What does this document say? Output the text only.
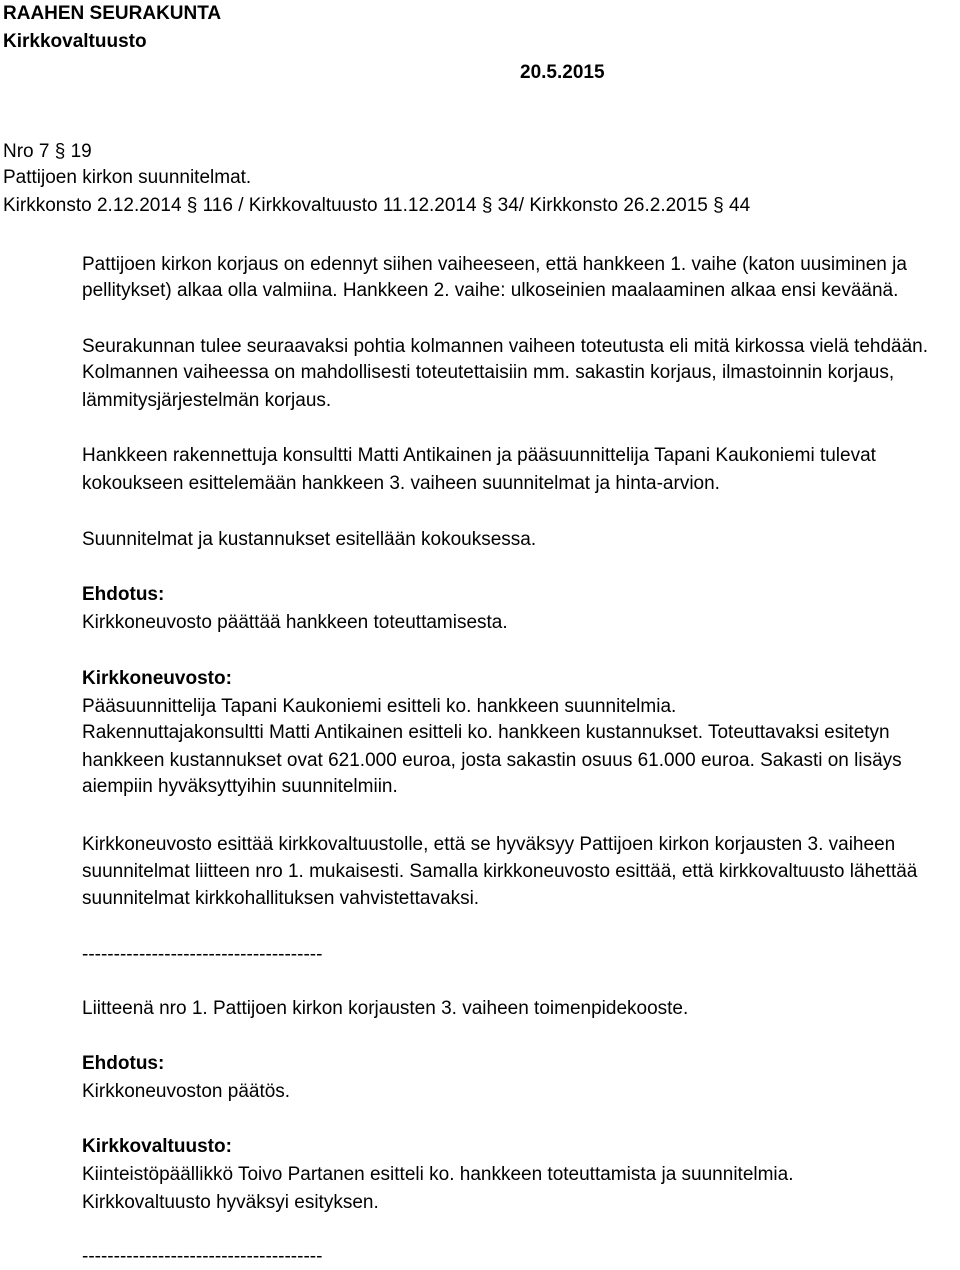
RAAHEN SEURAKUNTA
Kirkkovaltuusto
20.5.2015
Nro 7 § 19
Pattijoen kirkon suunnitelmat.
Kirkkonsto 2.12.2014 § 116 / Kirkkovaltuusto 11.12.2014 § 34/ Kirkkonsto 26.2.2015 § 44
Pattijoen kirkon korjaus on edennyt siihen vaiheeseen, että hankkeen 1. vaihe (katon uusiminen ja
pellitykset) alkaa olla valmiina. Hankkeen 2. vaihe: ulkoseinien maalaaminen alkaa ensi keväänä.
Seurakunnan tulee seuraavaksi pohtia kolmannen vaiheen toteutusta eli mitä kirkossa vielä tehdään.
Kolmannen vaiheessa on mahdollisesti toteutettaisiin mm. sakastin korjaus, ilmastoinnin korjaus,
lämmitysjärjestelmän korjaus.
Hankkeen rakennettuja konsultti Matti Antikainen ja pääsuunnittelija Tapani Kaukoniemi tulevat
kokoukseen esittelemään hankkeen 3. vaiheen suunnitelmat ja hinta-arvion.
Suunnitelmat ja kustannukset esitellään kokouksessa.
Ehdotus:
Kirkkoneuvosto päättää hankkeen toteuttamisesta.
Kirkkoneuvosto:
Pääsuunnittelija Tapani Kaukoniemi esitteli ko. hankkeen suunnitelmia.
Rakennuttajakonsultti Matti Antikainen esitteli ko. hankkeen kustannukset. Toteuttavaksi esitetyn
hankkeen kustannukset ovat 621.000 euroa, josta sakastin osuus 61.000 euroa. Sakasti on lisäys
aiempiin hyväksyttyihin suunnitelmiin.
Kirkkoneuvosto esittää kirkkovaltuustolle, että se hyväksyy Pattijoen kirkon korjausten 3. vaiheen
suunnitelmat liitteen nro 1. mukaisesti. Samalla kirkkoneuvosto esittää, että kirkkovaltuusto lähettää
suunnitelmat kirkkohallituksen vahvistettavaksi.
--------------------------------------
Liitteenä nro 1. Pattijoen kirkon korjausten 3. vaiheen toimenpidekooste.
Ehdotus:
Kirkkoneuvoston päätös.
Kirkkovaltuusto:
Kiinteistöpäällikkö Toivo Partanen esitteli ko. hankkeen toteuttamista ja suunnitelmia.
Kirkkovaltuusto hyväksyi esityksen.
--------------------------------------
